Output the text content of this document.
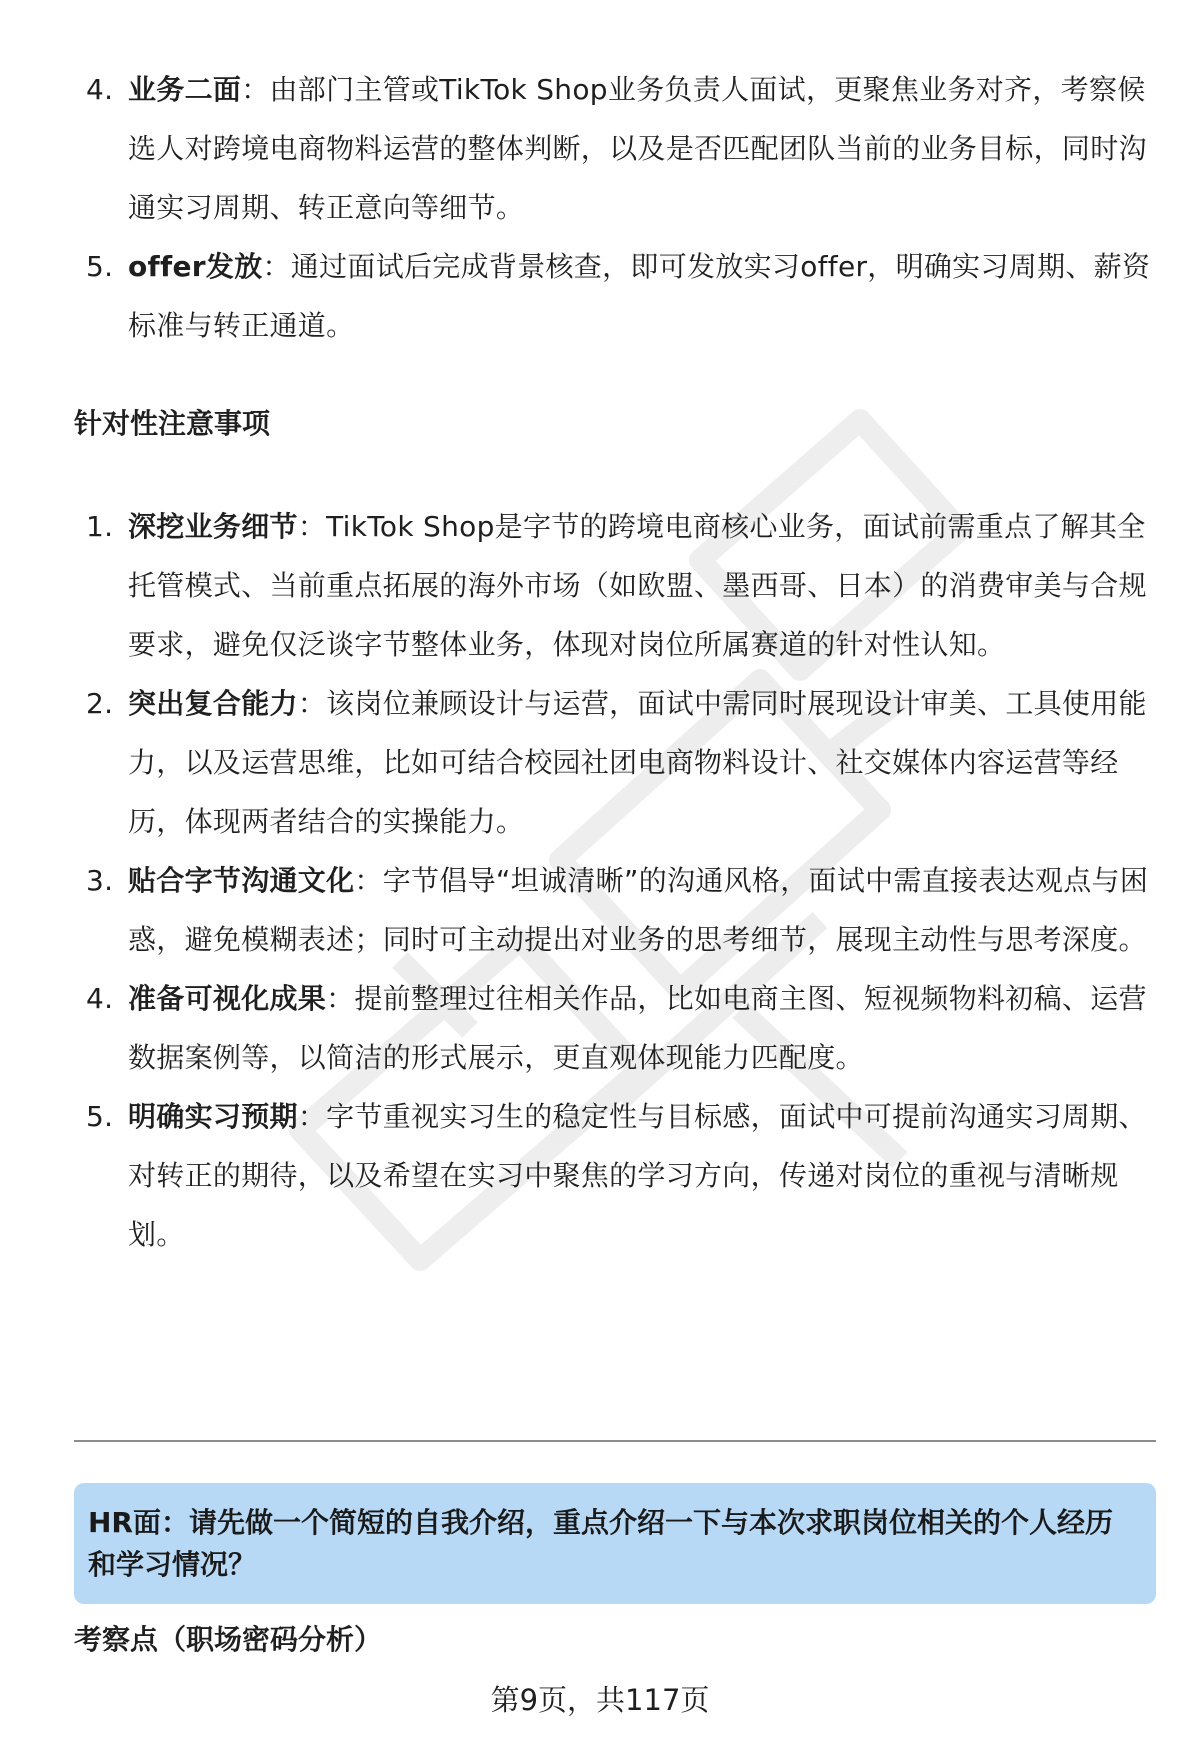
4. 业务二面：由部门主管或TikTok Shop业务负责人面试，更聚焦业务对齐，考察候选人对跨境电商物料运营的整体判断，以及是否匹配团队当前的业务目标，同时沟通实习周期、转正意向等细节。
5. offer发放：通过面试后完成背景核查，即可发放实习offer，明确实习周期、薪资标准与转正通道。
针对性注意事项
1. 深挖业务细节：TikTok Shop是字节的跨境电商核心业务，面试前需重点了解其全托管模式、当前重点拓展的海外市场（如欧盟、墨西哥、日本）的消费审美与合规要求，避免仅泛谈字节整体业务，体现对岗位所属赛道的针对性认知。
2. 突出复合能力：该岗位兼顾设计与运营，面试中需同时展现设计审美、工具使用能力，以及运营思维，比如可结合校园社团电商物料设计、社交媒体内容运营等经历，体现两者结合的实操能力。
3. 贴合字节沟通文化：字节倡导“坦诚清晰”的沟通风格，面试中需直接表达观点与困惑，避免模糊表述；同时可主动提出对业务的思考细节，展现主动性与思考深度。
4. 准备可视化成果：提前整理过往相关作品，比如电商主图、短视频物料初稿、运营数据案例等，以简洁的形式展示，更直观体现能力匹配度。
5. 明确实习预期：字节重视实习生的稳定性与目标感，面试中可提前沟通实习周期、对转正的期待，以及希望在实习中聚焦的学习方向，传递对岗位的重视与清晰规划。
HR面：请先做一个简短的自我介绍，重点介绍一下与本次求职岗位相关的个人经历和学习情况？
考察点（职场密码分析）
第9页，共117页
